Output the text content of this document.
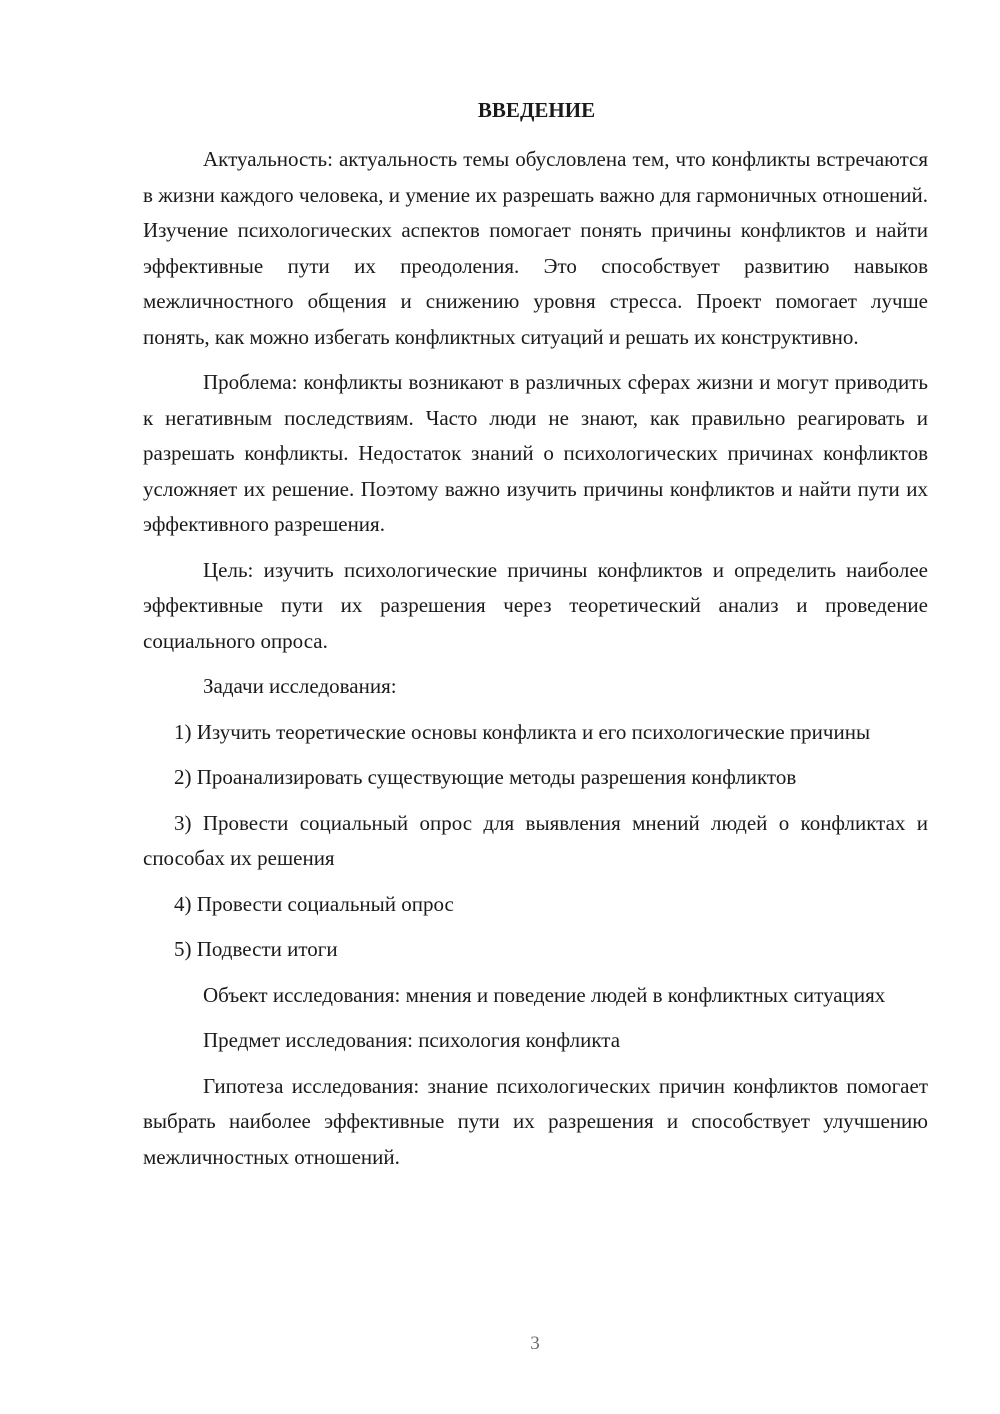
ВВЕДЕНИЕ

Актуальность: актуальность темы обусловлена тем, что конфликты встречаются в жизни каждого человека, и умение их разрешать важно для гармоничных отношений. Изучение психологических аспектов помогает понять причины конфликтов и найти эффективные пути их преодоления. Это способствует развитию навыков межличностного общения и снижению уровня стресса. Проект помогает лучше понять, как можно избегать конфликтных ситуаций и решать их конструктивно.

Проблема: конфликты возникают в различных сферах жизни и могут приводить к негативным последствиям. Часто люди не знают, как правильно реагировать и разрешать конфликты. Недостаток знаний о психологических причинах конфликтов усложняет их решение. Поэтому важно изучить причины конфликтов и найти пути их эффективного разрешения.

Цель: изучить психологические причины конфликтов и определить наиболее эффективные пути их разрешения через теоретический анализ и проведение социального опроса.

Задачи исследования:

1) Изучить теоретические основы конфликта и его психологические причины

2) Проанализировать существующие методы разрешения конфликтов

3) Провести социальный опрос для выявления мнений людей о конфликтах и способах их решения

4) Провести социальный опрос

5) Подвести итоги

Объект исследования: мнения и поведение людей в конфликтных ситуациях

Предмет исследования: психология конфликта

Гипотеза исследования: знание психологических причин конфликтов помогает выбрать наиболее эффективные пути их разрешения и способствует улучшению межличностных отношений.

3
